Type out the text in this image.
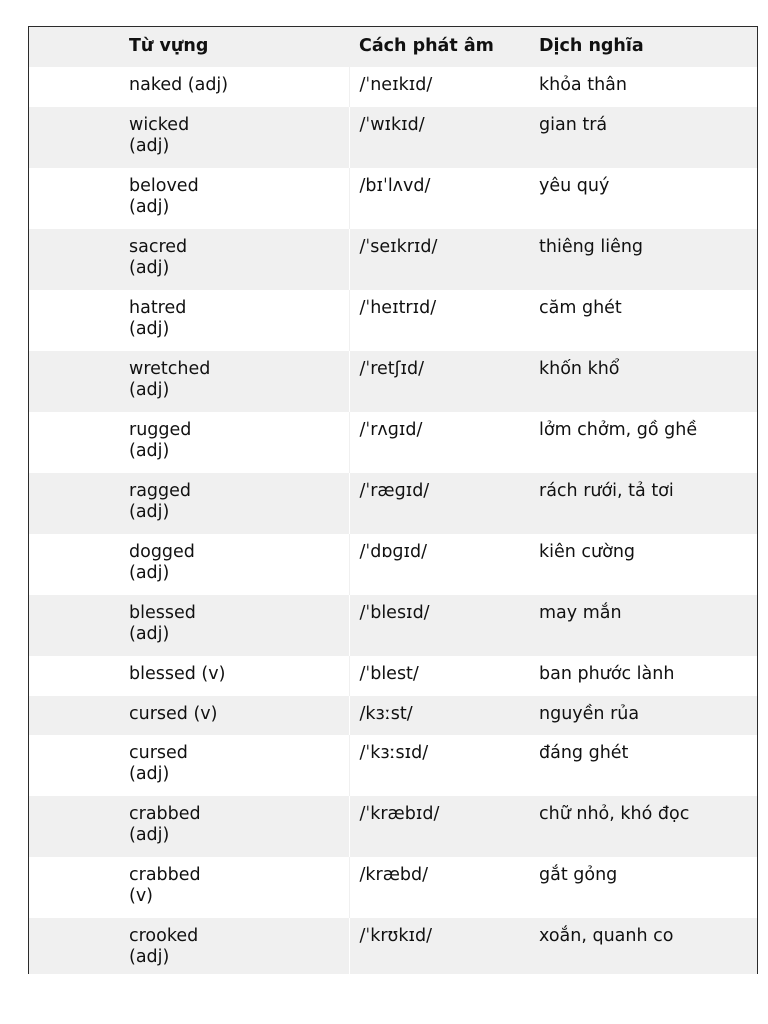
	Từ vựng	Cách phát âm	Dịch nghĩa

	naked (adj)	/ˈneɪkɪd/	khỏa thân

	wicked
(adj)	/ˈwɪkɪd/	gian trá

	beloved
(adj)	/bɪˈlʌvd/	yêu quý

	sacred
(adj)	/ˈseɪkrɪd/	thiêng liêng

	hatred
(adj)	/ˈheɪtrɪd/	căm ghét

	wretched
(adj)	/ˈretʃɪd/	khốn khổ

	rugged
(adj)	/ˈrʌɡɪd/	lởm chởm, gồ ghề

	ragged
(adj)	/ˈræɡɪd/	rách rưới, tả tơi

	dogged
(adj)	/ˈdɒɡɪd/	kiên cường

	blessed
(adj)	/ˈblesɪd/	may mắn

	blessed (v)	/ˈblest/	ban phước lành

	cursed (v)	/kɜːst/	nguyền rủa

	cursed
(adj)	/ˈkɜːsɪd/	đáng ghét

	crabbed
(adj)	/ˈkræbɪd/	chữ nhỏ, khó đọc

	crabbed
(v)	/kræbd/	gắt gỏng

	crooked
(adj)	/ˈkrʊkɪd/	xoắn, quanh co
